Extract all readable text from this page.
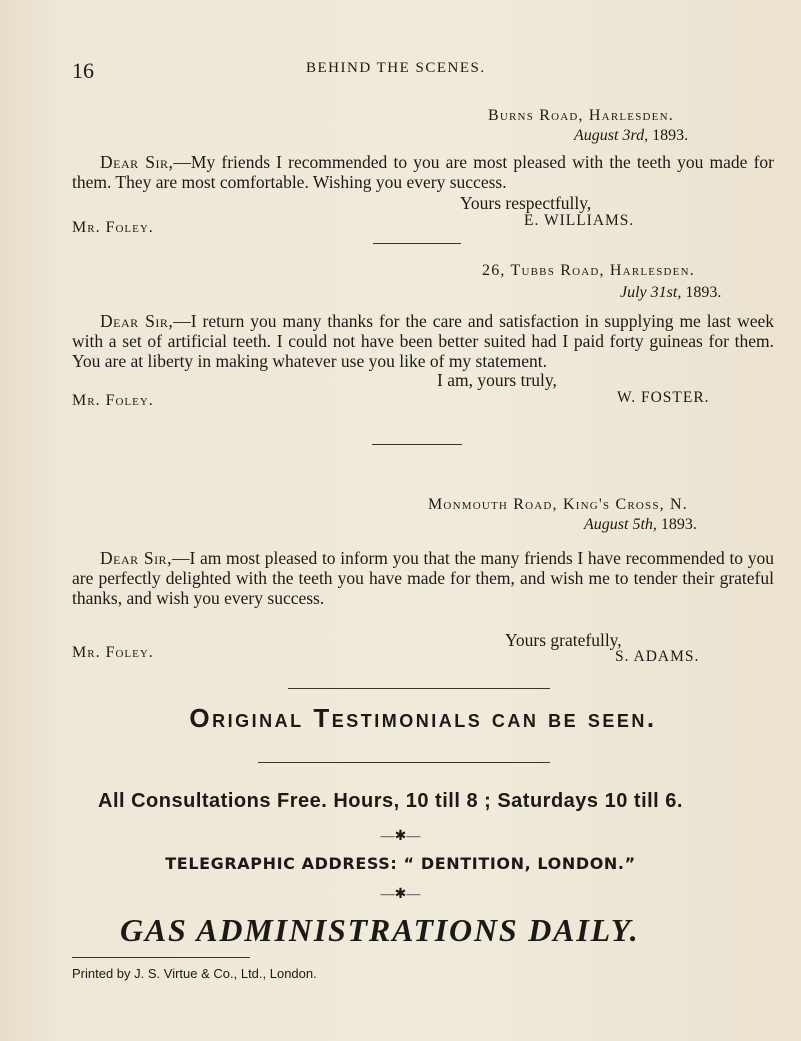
16	BEHIND THE SCENES.
Burns Road, Harlesden.
August 3rd, 1893.
Dear Sir,—My friends I recommended to you are most pleased with the teeth you made for them. They are most comfortable. Wishing you every success.
Yours respectfully,
E. WILLIAMS.
Mr. Foley.
26, Tubbs Road, Harlesden.
July 31st, 1893.
Dear Sir,—I return you many thanks for the care and satisfaction in supplying me last week with a set of artificial teeth. I could not have been better suited had I paid forty guineas for them. You are at liberty in making whatever use you like of my statement.
I am, yours truly,
Mr. Foley.	W. FOSTER.
Monmouth Road, King's Cross, N.
August 5th, 1893.
Dear Sir,—I am most pleased to inform you that the many friends I have recommended to you are perfectly delighted with the teeth you have made for them, and wish me to tender their grateful thanks, and wish you every success.
Yours gratefully,
Mr. Foley.	S. ADAMS.
Original Testimonials can be seen.
All Consultations Free. Hours, 10 till 8 ; Saturdays 10 till 6.
—✱—
TELEGRAPHIC ADDRESS: “ DENTITION, LONDON.”
—✱—
GAS ADMINISTRATIONS DAILY.
Printed by J. S. Virtue & Co., Ltd., London.
